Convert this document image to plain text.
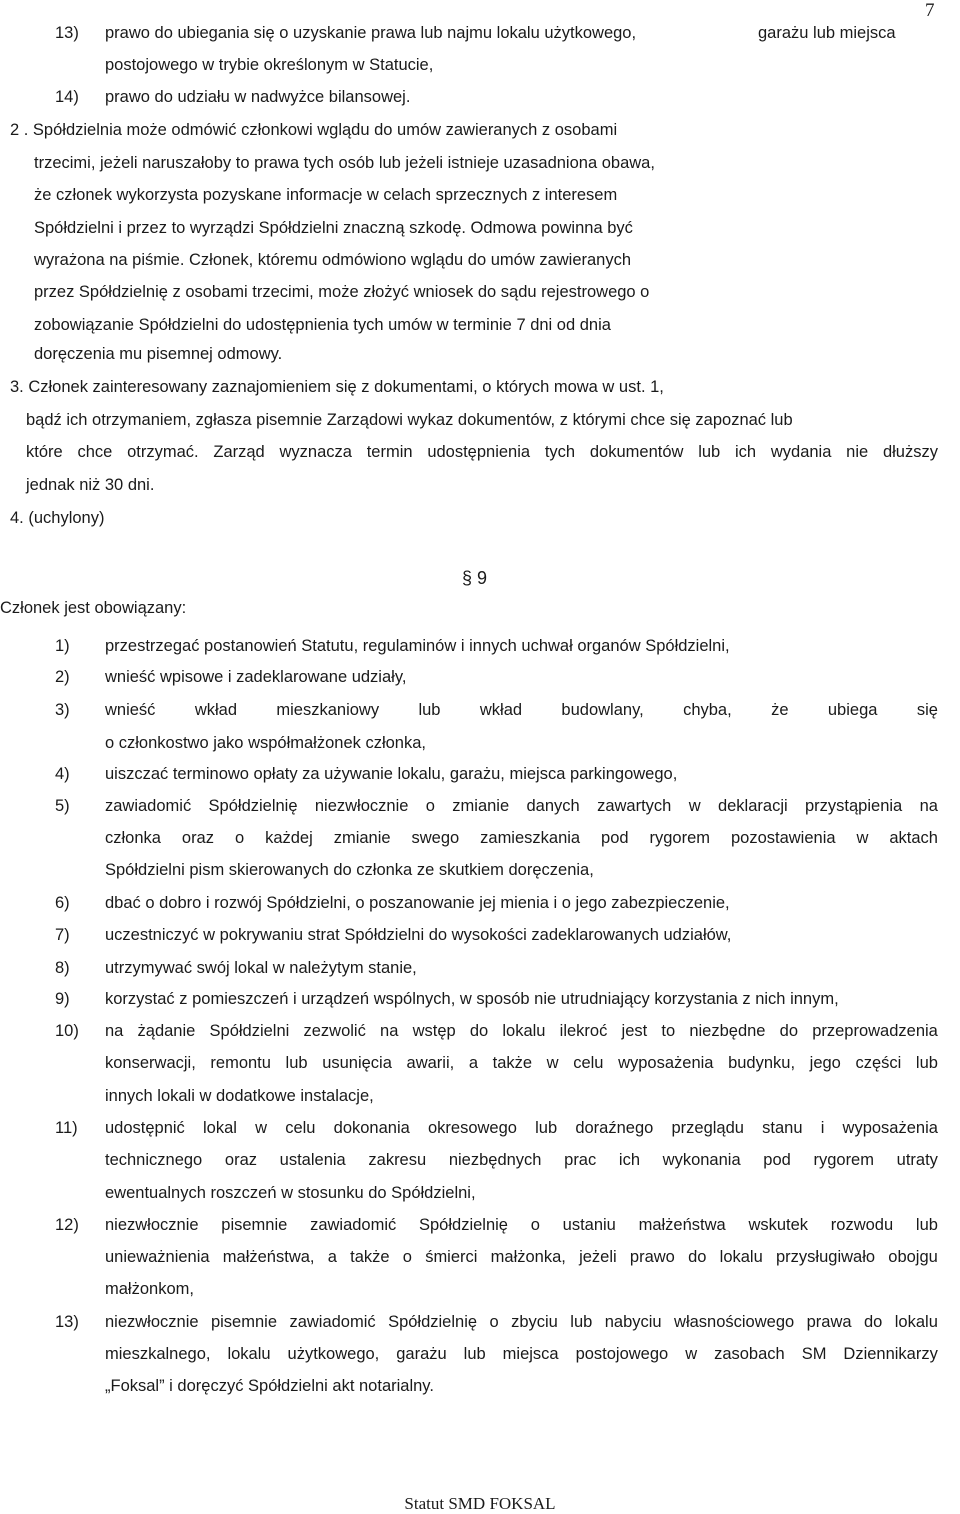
7
§ 9
Statut SMD FOKSAL
13) prawo do ubiegania się o uzyskanie prawa lub najmu lokalu użytkowego,	garażu lub miejsca
postojowego w trybie określonym w Statucie,
14) prawo do udziału w nadwyżce bilansowej.
2 . Spółdzielnia może odmówić członkowi wglądu do umów zawieranych z osobami
trzecimi, jeżeli naruszałoby to prawa tych osób lub jeżeli istnieje uzasadniona obawa,
że członek wykorzysta pozyskane informacje w celach sprzecznych z interesem
Spółdzielni i przez to wyrządzi Spółdzielni znaczną szkodę. Odmowa powinna być
wyrażona na piśmie. Członek, któremu odmówiono wglądu do umów zawieranych
przez Spółdzielnię z osobami trzecimi, może złożyć wniosek do sądu rejestrowego o
zobowiązanie Spółdzielni do udostępnienia tych umów w terminie 7 dni od dnia
doręczenia mu pisemnej odmowy.
3. Członek zainteresowany zaznajomieniem się z dokumentami, o których mowa w ust. 1,
bądź ich otrzymaniem, zgłasza pisemnie Zarządowi wykaz dokumentów, z którymi chce się zapoznać lub
które chce otrzymać. Zarząd wyznacza termin udostępnienia tych dokumentów lub ich wydania nie dłuższy
jednak niż 30 dni.
4. (uchylony)
Członek jest obowiązany:
1) przestrzegać postanowień Statutu, regulaminów i innych uchwał organów Spółdzielni,
2) wnieść wpisowe i zadeklarowane udziały,
3) wnieść wkład mieszkaniowy lub wkład budowlany, chyba, że ubiega się
o członkostwo jako współmałżonek członka,
4) uiszczać terminowo opłaty za używanie lokalu, garażu, miejsca parkingowego,
5) zawiadomić Spółdzielnię niezwłocznie o zmianie danych zawartych w deklaracji przystąpienia na
członka oraz o każdej zmianie swego zamieszkania pod rygorem pozostawienia w aktach
Spółdzielni pism skierowanych do członka ze skutkiem doręczenia,
6) dbać o dobro i rozwój Spółdzielni, o poszanowanie jej mienia i o jego zabezpieczenie,
7) uczestniczyć w pokrywaniu strat Spółdzielni do wysokości zadeklarowanych udziałów,
8) utrzymywać swój lokal w należytym stanie,
9) korzystać z pomieszczeń i urządzeń wspólnych, w sposób nie utrudniający korzystania z nich innym,
10) na żądanie Spółdzielni zezwolić na wstęp do lokalu ilekroć jest to niezbędne do przeprowadzenia
konserwacji, remontu lub usunięcia awarii, a także w celu wyposażenia budynku, jego części lub
innych lokali w dodatkowe instalacje,
11) udostępnić lokal w celu dokonania okresowego lub doraźnego przeglądu stanu i wyposażenia
technicznego oraz ustalenia zakresu niezbędnych prac ich wykonania pod rygorem utraty
ewentualnych roszczeń w stosunku do Spółdzielni,
12) niezwłocznie pisemnie zawiadomić Spółdzielnię o ustaniu małżeństwa wskutek rozwodu lub
unieważnienia małżeństwa, a także o śmierci małżonka, jeżeli prawo do lokalu przysługiwało obojgu
małżonkom,
13) niezwłocznie pisemnie zawiadomić Spółdzielnię o zbyciu lub nabyciu własnościowego prawa do lokalu
mieszkalnego, lokalu użytkowego, garażu lub miejsca postojowego w zasobach SM Dziennikarzy
„Foksal” i doręczyć Spółdzielni akt notarialny.
